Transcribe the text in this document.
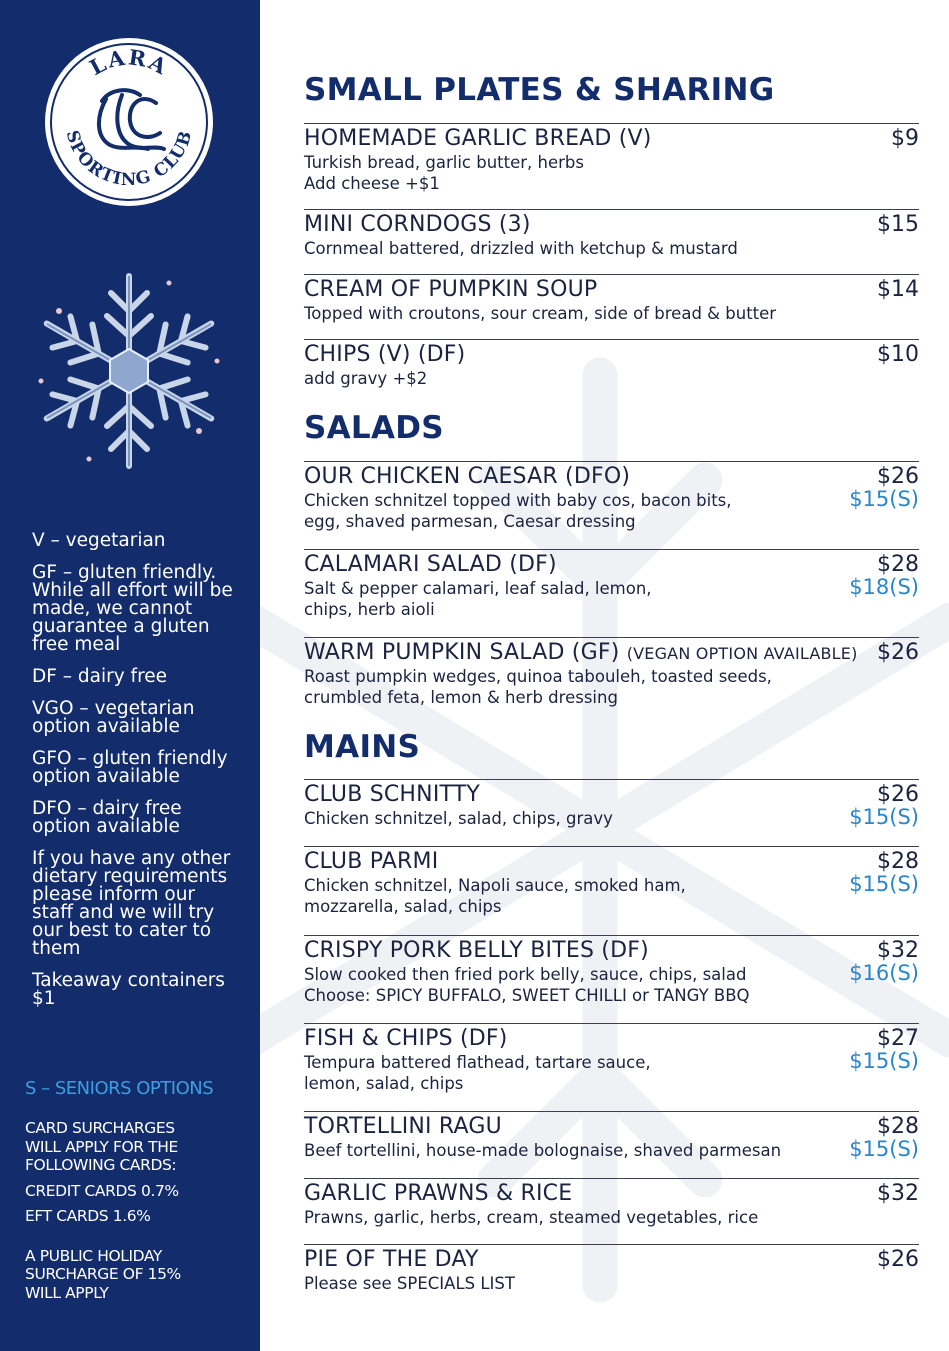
LARA
SPORTING CLUB
V – vegetarian
GF – gluten friendly. While all effort will be made, we cannot guarantee a gluten free meal
DF – dairy free
VGO – vegetarian option available
GFO – gluten friendly option available
DFO – dairy free option available
If you have any other dietary requirements please inform our staff and we will try our best to cater to them
Takeaway containers $1
S – SENIORS OPTIONS
CARD SURCHARGES
WILL APPLY FOR THE
FOLLOWING CARDS:
CREDIT CARDS 0.7%
EFT CARDS 1.6%
A PUBLIC HOLIDAY
SURCHARGE OF 15%
WILL APPLY
SMALL PLATES & SHARING
HOMEMADE GARLIC BREAD (V)
Turkish bread, garlic butter, herbs
Add cheese +$1
$9
MINI CORNDOGS (3)
Cornmeal battered, drizzled with ketchup & mustard
$15
CREAM OF PUMPKIN SOUP
Topped with croutons, sour cream, side of bread & butter
$14
CHIPS (V) (DF)
add gravy +$2
$10
SALADS
OUR CHICKEN CAESAR (DFO)
Chicken schnitzel topped with baby cos, bacon bits,
egg, shaved parmesan, Caesar dressing
$26
$15(S)
CALAMARI SALAD (DF)
Salt & pepper calamari, leaf salad, lemon,
chips, herb aioli
$28
$18(S)
WARM PUMPKIN SALAD (GF) (VEGAN OPTION AVAILABLE)
Roast pumpkin wedges, quinoa tabouleh, toasted seeds,
crumbled feta, lemon & herb dressing
$26
MAINS
CLUB SCHNITTY
Chicken schnitzel, salad, chips, gravy
$26
$15(S)
CLUB PARMI
Chicken schnitzel, Napoli sauce, smoked ham,
mozzarella, salad, chips
$28
$15(S)
CRISPY PORK BELLY BITES (DF)
Slow cooked then fried pork belly, sauce, chips, salad
Choose: SPICY BUFFALO, SWEET CHILLI or TANGY BBQ
$32
$16(S)
FISH & CHIPS (DF)
Tempura battered flathead, tartare sauce,
lemon, salad, chips
$27
$15(S)
TORTELLINI RAGU
Beef tortellini, house-made bolognaise, shaved parmesan
$28
$15(S)
GARLIC PRAWNS & RICE
Prawns, garlic, herbs, cream, steamed vegetables, rice
$32
PIE OF THE DAY
Please see SPECIALS LIST
$26
